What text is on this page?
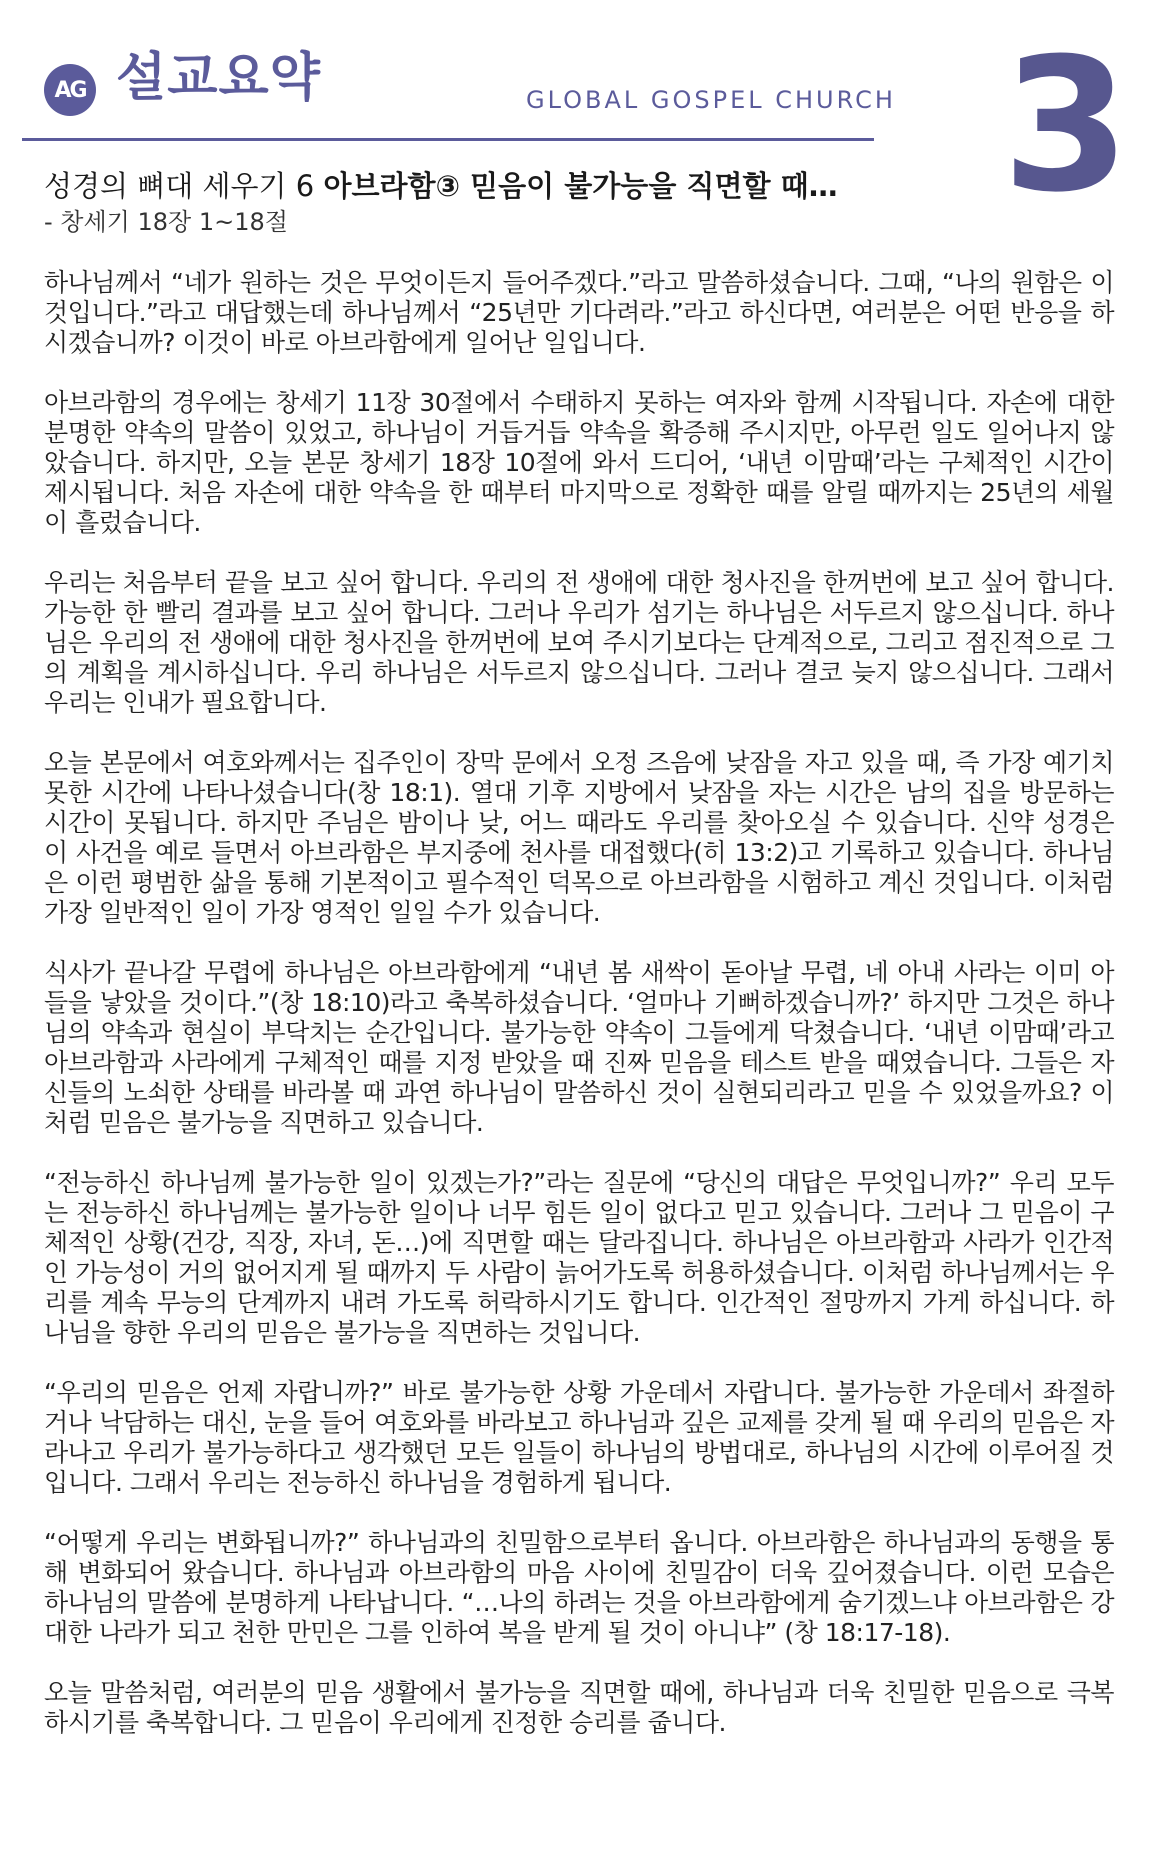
AG 설교요약	GLOBAL GOSPEL CHURCH 3
성경의 뼈대 세우기 6 아브라함③ 믿음이 불가능을 직면할 때…
- 창세기 18장 1~18절

하나님께서 “네가 원하는 것은 무엇이든지 들어주겠다.”라고 말씀하셨습니다. 그때, “나의 원함은 이것입니다.”라고 대답했는데 하나님께서 “25년만 기다려라.”라고 하신다면, 여러분은 어떤 반응을 하시겠습니까? 이것이 바로 아브라함에게 일어난 일입니다.

아브라함의 경우에는 창세기 11장 30절에서 수태하지 못하는 여자와 함께 시작됩니다. 자손에 대한 분명한 약속의 말씀이 있었고, 하나님이 거듭거듭 약속을 확증해 주시지만, 아무런 일도 일어나지 않았습니다. 하지만, 오늘 본문 창세기 18장 10절에 와서 드디어, ‘내년 이맘때’라는 구체적인 시간이 제시됩니다. 처음 자손에 대한 약속을 한 때부터 마지막으로 정확한 때를 알릴 때까지는 25년의 세월이 흘렀습니다.

우리는 처음부터 끝을 보고 싶어 합니다. 우리의 전 생애에 대한 청사진을 한꺼번에 보고 싶어 합니다. 가능한 한 빨리 결과를 보고 싶어 합니다. 그러나 우리가 섬기는 하나님은 서두르지 않으십니다. 하나님은 우리의 전 생애에 대한 청사진을 한꺼번에 보여 주시기보다는 단계적으로, 그리고 점진적으로 그의 계획을 계시하십니다. 우리 하나님은 서두르지 않으십니다. 그러나 결코 늦지 않으십니다. 그래서 우리는 인내가 필요합니다.

오늘 본문에서 여호와께서는 집주인이 장막 문에서 오정 즈음에 낮잠을 자고 있을 때, 즉 가장 예기치 못한 시간에 나타나셨습니다(창 18:1). 열대 기후 지방에서 낮잠을 자는 시간은 남의 집을 방문하는 시간이 못됩니다. 하지만 주님은 밤이나 낮, 어느 때라도 우리를 찾아오실 수 있습니다. 신약 성경은 이 사건을 예로 들면서 아브라함은 부지중에 천사를 대접했다(히 13:2)고 기록하고 있습니다. 하나님은 이런 평범한 삶을 통해 기본적이고 필수적인 덕목으로 아브라함을 시험하고 계신 것입니다. 이처럼 가장 일반적인 일이 가장 영적인 일일 수가 있습니다.

식사가 끝나갈 무렵에 하나님은 아브라함에게 “내년 봄 새싹이 돋아날 무렵, 네 아내 사라는 이미 아들을 낳았을 것이다.”(창 18:10)라고 축복하셨습니다. ‘얼마나 기뻐하겠습니까?’ 하지만 그것은 하나님의 약속과 현실이 부닥치는 순간입니다. 불가능한 약속이 그들에게 닥쳤습니다. ‘내년 이맘때’라고 아브라함과 사라에게 구체적인 때를 지정 받았을 때 진짜 믿음을 테스트 받을 때였습니다. 그들은 자신들의 노쇠한 상태를 바라볼 때 과연 하나님이 말씀하신 것이 실현되리라고 믿을 수 있었을까요? 이처럼 믿음은 불가능을 직면하고 있습니다.

“전능하신 하나님께 불가능한 일이 있겠는가?”라는 질문에 “당신의 대답은 무엇입니까?” 우리 모두는 전능하신 하나님께는 불가능한 일이나 너무 힘든 일이 없다고 믿고 있습니다. 그러나 그 믿음이 구체적인 상황(건강, 직장, 자녀, 돈…)에 직면할 때는 달라집니다. 하나님은 아브라함과 사라가 인간적인 가능성이 거의 없어지게 될 때까지 두 사람이 늙어가도록 허용하셨습니다. 이처럼 하나님께서는 우리를 계속 무능의 단계까지 내려 가도록 허락하시기도 합니다. 인간적인 절망까지 가게 하십니다. 하나님을 향한 우리의 믿음은 불가능을 직면하는 것입니다.

“우리의 믿음은 언제 자랍니까?” 바로 불가능한 상황 가운데서 자랍니다. 불가능한 가운데서 좌절하거나 낙담하는 대신, 눈을 들어 여호와를 바라보고 하나님과 깊은 교제를 갖게 될 때 우리의 믿음은 자라나고 우리가 불가능하다고 생각했던 모든 일들이 하나님의 방법대로, 하나님의 시간에 이루어질 것입니다. 그래서 우리는 전능하신 하나님을 경험하게 됩니다.

“어떻게 우리는 변화됩니까?” 하나님과의 친밀함으로부터 옵니다. 아브라함은 하나님과의 동행을 통해 변화되어 왔습니다. 하나님과 아브라함의 마음 사이에 친밀감이 더욱 깊어졌습니다. 이런 모습은 하나님의 말씀에 분명하게 나타납니다. “…나의 하려는 것을 아브라함에게 숨기겠느냐 아브라함은 강대한 나라가 되고 천한 만민은 그를 인하여 복을 받게 될 것이 아니냐” (창 18:17-18).

오늘 말씀처럼, 여러분의 믿음 생활에서 불가능을 직면할 때에, 하나님과 더욱 친밀한 믿음으로 극복하시기를 축복합니다. 그 믿음이 우리에게 진정한 승리를 줍니다.
